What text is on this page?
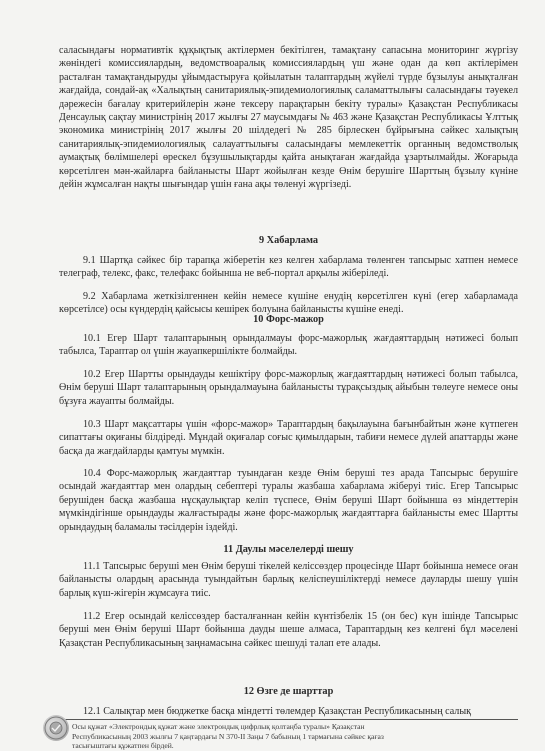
саласындағы нормативтік құқықтық актілермен бекітілген, тамақтану сапасына мониторинг жүргізу жөніндегі комиссиялардың, ведомствоаралық комиссиялардың үш және одан да көп актілерімен расталған тамақтандыруды ұйымдастыруға қойылатын талаптардың жүйелі түрде бұзылуы анықталған жағдайда, сондай-ақ «Халықтың санитариялық-эпидемиологиялық саламаттылығы саласындағы тәуекел дәрежесін бағалау критерийлерін және тексеру парақтарын бекіту туралы» Қазақстан Республикасы Денсаулық сақтау министрінің 2017 жылғы 27 маусымдағы № 463 және Қазақстан Республикасы Ұлттық экономика министрінің 2017 жылғы 20 шілдедегі № 285 бірлескен бұйрығына сәйкес халықтың санитариялық-эпидемиологиялық салауаттылығы саласындағы мемлекеттік органның ведомстволық аумақтық бөлімшелері өрескел бұзушылықтарды қайта анықтаған жағдайда ұзартылмайды. Жоғарыда көрсетілген мән-жайларға байланысты Шарт жойылған кезде Өнім берушіге Шарттың бұзылу күніне дейін жұмсалған нақты шығындар үшін ғана ақы төленуі жүргізеді.

9 Хабарлама

9.1 Шартқа сәйкес бір тарапқа жіберетін кез келген хабарлама төленген тапсырыс хатпен немесе телеграф, телекс, факс, телефакс бойынша не веб-портал арқылы жіберіледі.

9.2 Хабарлама жеткізілгеннен кейін немесе күшіне енудің көрсетілген күні (егер хабарламада көрсетілсе) осы күндердің қайсысы кешірек болуына байланысты күшіне енеді.

10 Форс-мажор

10.1 Егер Шарт талаптарының орындалмауы форс-мажорлық жағдаяттардың нәтижесі болып табылса, Тараптар ол үшін жауапкершілікте болмайды.

10.2 Егер Шартты орындауды кешіктіру форс-мажорлық жағдаяттардың нәтижесі болып табылса, Өнім беруші Шарт талаптарының орындалмауына байланысты тұрақсыздық айыбын төлеуге немесе оны бұзуға жауапты болмайды.

10.3 Шарт мақсаттары үшін «форс-мажор» Тараптардың бақылауына бағынбайтын және күтпеген сипаттағы оқиғаны білдіреді. Мұндай оқиғалар соғыс қимылдарын, табиғи немесе дүлей апаттарды және басқа да жағдайларды қамтуы мүмкін.

10.4 Форс-мажорлық жағдаяттар туындаған кезде Өнім беруші тез арада Тапсырыс берушіге осындай жағдаяттар мен олардың себептері туралы жазбаша хабарлама жіберуі тиіс. Егер Тапсырыс берушіден басқа жазбаша нұсқаулықтар келіп түспесе, Өнім беруші Шарт бойынша өз міндеттерін мүмкіндігінше орындауды жалғастырады және форс-мажорлық жағдаяттарға байланысты емес Шартты орындаудың баламалы тәсілдерін іздейді.

11 Даулы мәселелерді шешу

11.1 Тапсырыс беруші мен Өнім беруші тікелей келіссөздер процесінде Шарт бойынша немесе оған байланысты олардың арасында туындайтын барлық келіспеушіліктерді немесе дауларды шешу үшін барлық күш-жігерін жұмсауға тиіс.

11.2 Егер осындай келіссөздер басталғаннан кейін күнтізбелік 15 (он бес) күн ішінде Тапсырыс беруші мен Өнім беруші Шарт бойынша дауды шеше алмаса, Тараптардың кез келгені бұл мәселені Қазақстан Республикасының заңнамасына сәйкес шешуді талап ете алады.

12 Өзге де шарттар

12.1 Салықтар мен бюджетке басқа міндетті төлемдер Қазақстан Республикасының салық

Осы құжат «Электрондық құжат және электрондық цифрлық қолтаңба туралы» Қазақстан
Республикасының 2003 жылғы 7 қаңтардағы N 370-II Заңы 7 бабының 1 тармағына сәйкес қағаз
тасығыштағы құжатпен бірдей.
